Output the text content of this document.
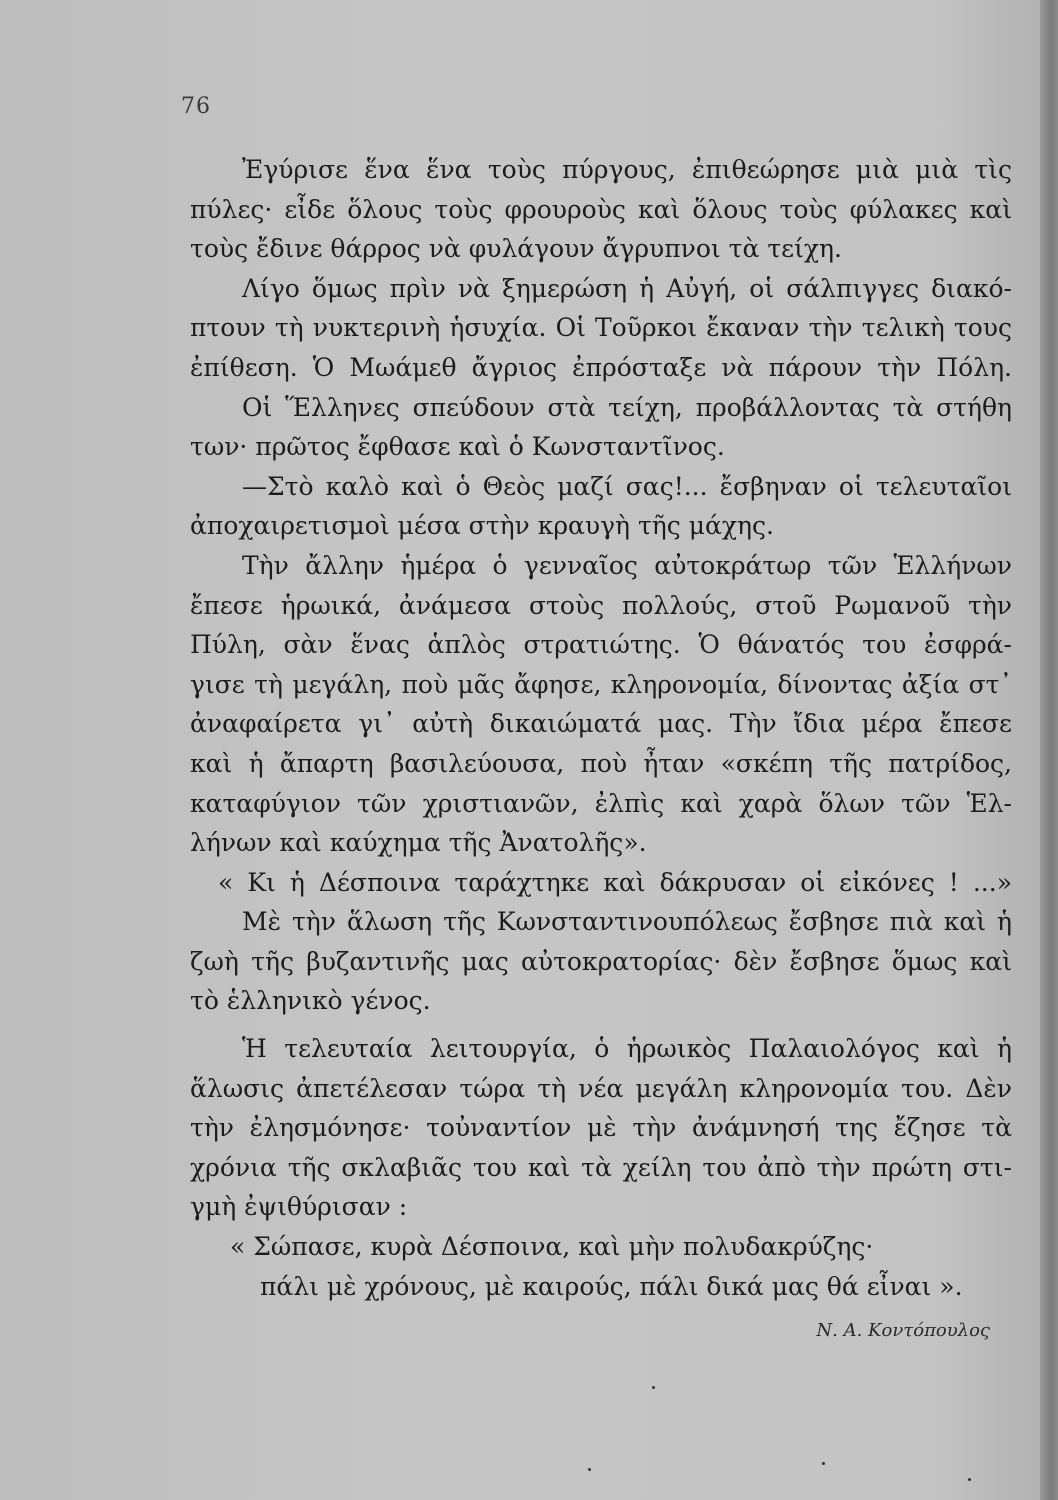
76
Ἐγύρισε ἕνα ἕνα τοὺς πύργους, ἐπιθεώρησε μιὰ μιὰ τὶς
πύλες· εἶδε ὅλους τοὺς φρουροὺς καὶ ὅλους τοὺς φύλακες καὶ
τοὺς ἔδινε θάρρος νὰ φυλάγουν ἄγρυπνοι τὰ τείχη.
Λίγο ὅμως πρὶν νὰ ξημερώση ἡ Αὐγή, οἱ σάλπιγγες διακό-
πτουν τὴ νυκτερινὴ ἡσυχία. Οἱ Τοῦρκοι ἔκαναν τὴν τελικὴ τους
ἐπίθεση. Ὁ Μωάμεθ ἄγριος ἐπρόσταξε νὰ πάρουν τὴν Πόλη.
Οἱ Ἕλληνες σπεύδουν στὰ τείχη, προβάλλοντας τὰ στήθη
των· πρῶτος ἔφθασε καὶ ὁ Κωνσταντῖνος.
—Στὸ καλὸ καὶ ὁ Θεὸς μαζί σας!... ἔσβηναν οἱ τελευταῖοι
ἀποχαιρετισμοὶ μέσα στὴν κραυγὴ τῆς μάχης.
Τὴν ἄλλην ἡμέρα ὁ γενναῖος αὐτοκράτωρ τῶν Ἑλλήνων
ἔπεσε ἡρωικά, ἀνάμεσα στοὺς πολλούς, στοῦ Ρωμανοῦ τὴν
Πύλη, σὰν ἕνας ἁπλὸς στρατιώτης. Ὁ θάνατός του ἐσφρά-
γισε τὴ μεγάλη, ποὺ μᾶς ἄφησε, κληρονομία, δίνοντας ἀξία στ᾽
ἀναφαίρετα γι᾽ αὐτὴ δικαιώματά μας. Τὴν ἴδια μέρα ἔπεσε
καὶ ἡ ἄπαρτη βασιλεύουσα, ποὺ ἦταν «σκέπη τῆς πατρίδος,
καταφύγιον τῶν χριστιανῶν, ἐλπὶς καὶ χαρὰ ὅλων τῶν Ἑλ-
λήνων καὶ καύχημα τῆς Ἀνατολῆς».
« Κι ἡ Δέσποινα ταράχτηκε καὶ δάκρυσαν οἱ εἰκόνες ! ...»
Μὲ τὴν ἅλωση τῆς Κωνσταντινουπόλεως ἔσβησε πιὰ καὶ ἡ
ζωὴ τῆς βυζαντινῆς μας αὐτοκρατορίας· δὲν ἔσβησε ὅμως καὶ
τὸ ἑλληνικὸ γένος.
Ἡ τελευταία λειτουργία, ὁ ἡρωικὸς Παλαιολόγος καὶ ἡ
ἅλωσις ἀπετέλεσαν τώρα τὴ νέα μεγάλη κληρονομία του. Δὲν
τὴν ἐλησμόνησε· τοὐναντίον μὲ τὴν ἀνάμνησή της ἔζησε τὰ
χρόνια τῆς σκλαβιᾶς του καὶ τὰ χείλη του ἀπὸ τὴν πρώτη στι-
γμὴ ἐψιθύρισαν :
« Σώπασε, κυρὰ Δέσποινα, καὶ μὴν πολυδακρύζης·
πάλι μὲ χρόνους, μὲ καιρούς, πάλι δικά μας θά εἶναι ».
Ν. Α. Κοντόπουλος
